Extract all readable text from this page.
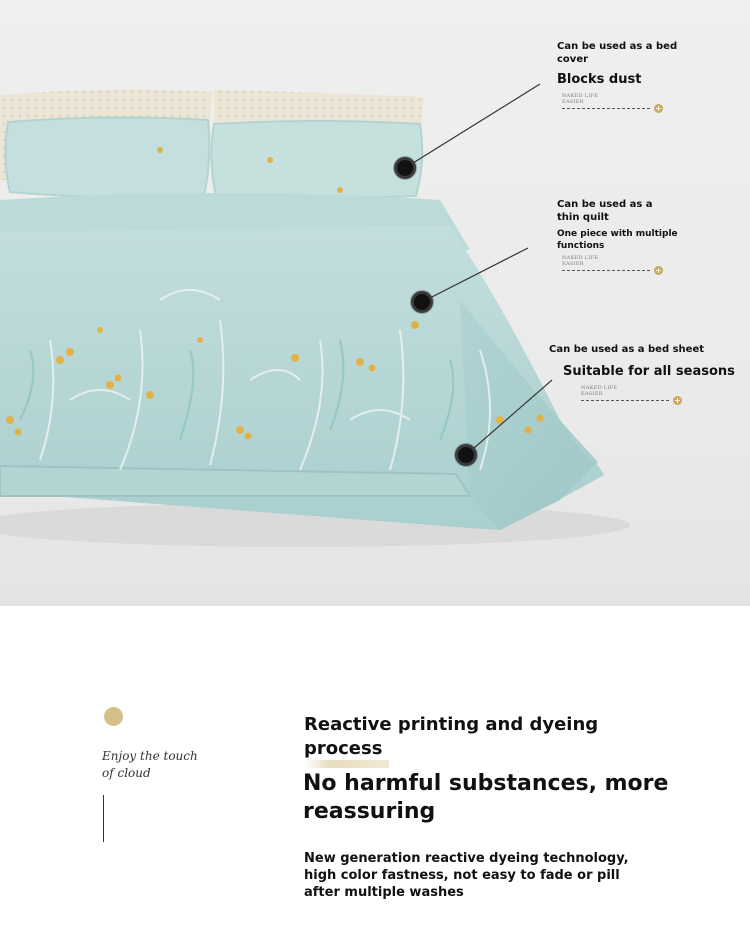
Can be used as a bed cover
Blocks dust
NAKED LIFE
EASIER
+
Can be used as a thin quilt
One piece with multiple functions
NAKED LIFE
EASIER
+
Can be used as a bed sheet
Suitable for all seasons
NAKED LIFE
EASIER
+
Enjoy the touch
of cloud
Reactive printing and dyeing process
No harmful substances, more reassuring
New generation reactive dyeing technology, high color fastness, not easy to fade or pill after multiple washes
